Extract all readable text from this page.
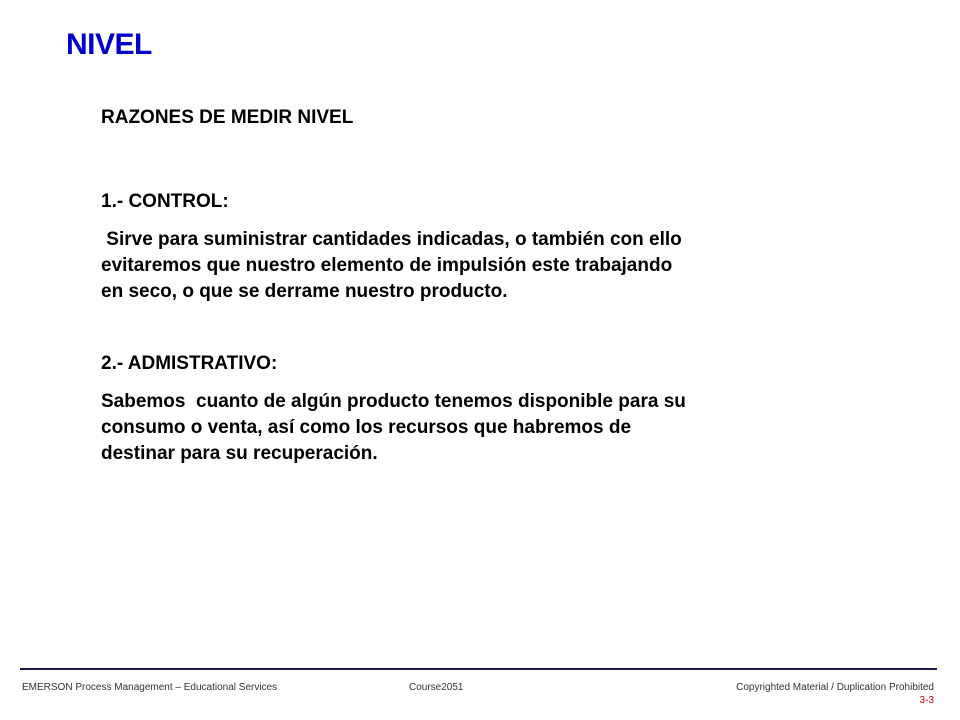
NIVEL

RAZONES DE MEDIR NIVEL

1.- CONTROL:

Sirve para suministrar cantidades indicadas, o también con ello
evitaremos que nuestro elemento de impulsión este trabajando
en seco, o que se derrame nuestro producto.

2.- ADMISTRATIVO:

Sabemos  cuanto de algún producto tenemos disponible para su
consumo o venta, así como los recursos que habremos de
destinar para su recuperación.

EMERSON Process Management – Educational Services	Course2051	Copyrighted Material / Duplication Prohibited
3-3
